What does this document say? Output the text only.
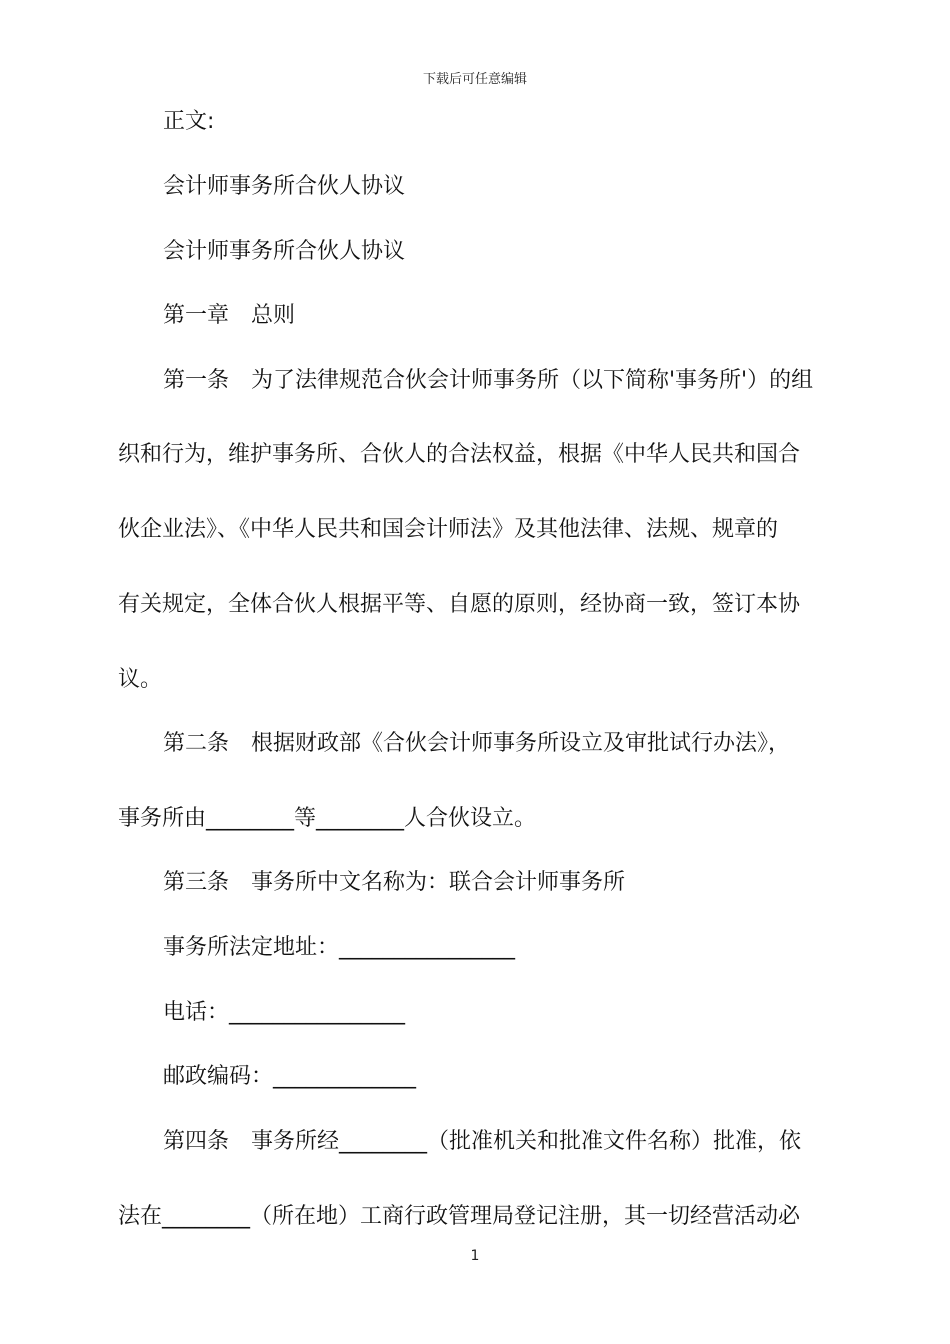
下载后可任意编辑
正文:
会计师事务所合伙人协议
会计师事务所合伙人协议
第一章　总则
第一条　为了法律规范合伙会计师事务所（以下简称'事务所'）的组
织和行为，维护事务所、合伙人的合法权益，根据《中华人民共和国合
伙企业法》、《中华人民共和国会计师法》及其他法律、法规、规章的
有关规定，全体合伙人根据平等、自愿的原则，经协商一致，签订本协
议。
第二条　根据财政部《合伙会计师事务所设立及审批试行办法》，
事务所由________等________人合伙设立。
第三条　事务所中文名称为：联合会计师事务所
事务所法定地址：________________
电话：________________
邮政编码：_____________
第四条　事务所经________（批准机关和批准文件名称）批准，依
法在________（所在地）工商行政管理局登记注册，其一切经营活动必
1
